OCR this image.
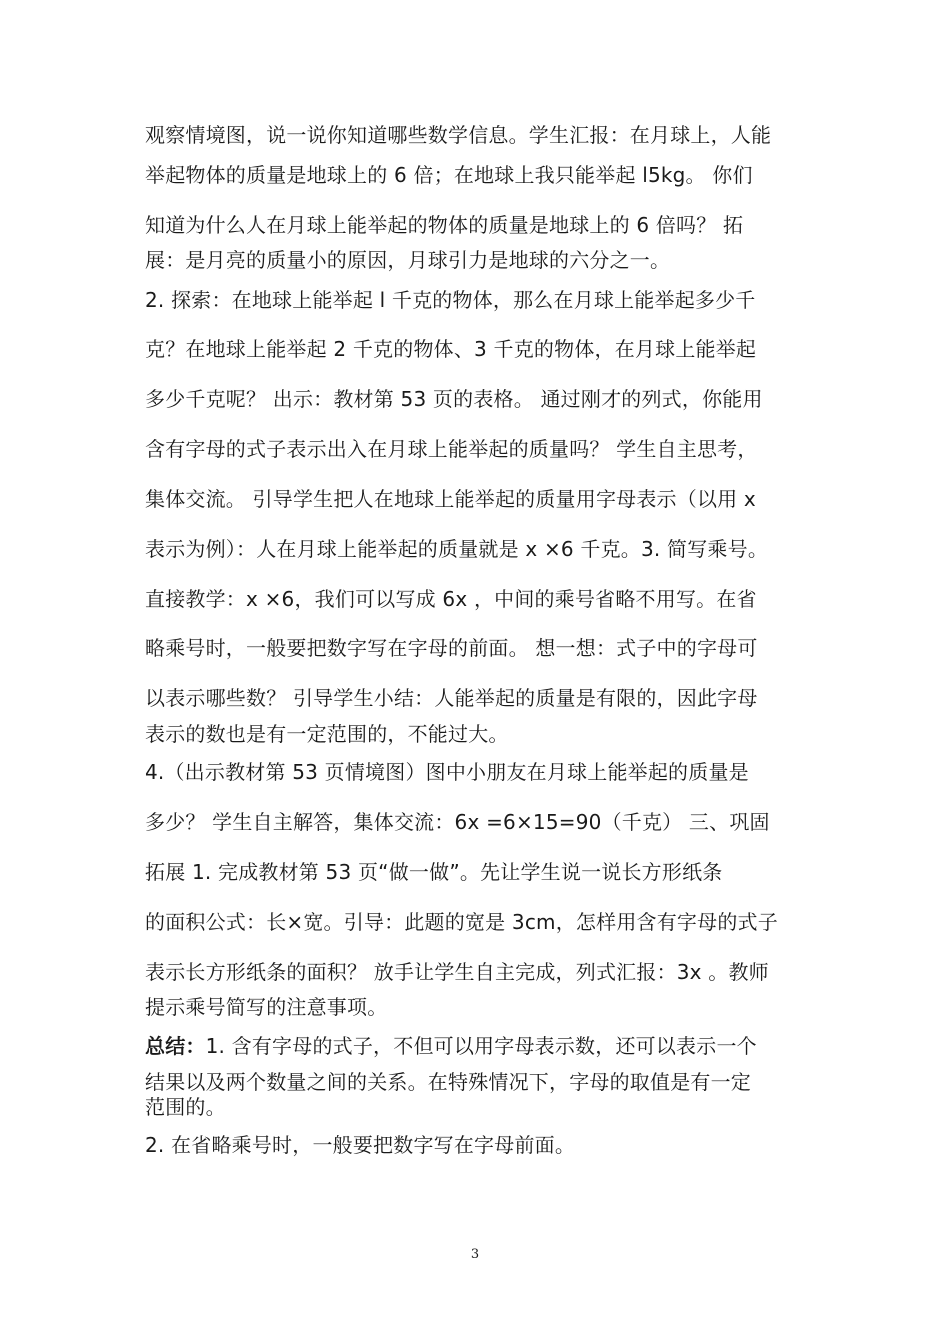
观察情境图，说一说你知道哪些数学信息。学生汇报：在月球上，人能
举起物体的质量是地球上的 6 倍；在地球上我只能举起 l5kg。 你们
知道为什么人在月球上能举起的物体的质量是地球上的 6 倍吗？ 拓
展：是月亮的质量小的原因，月球引力是地球的六分之一。
2. 探索：在地球上能举起 l 千克的物体，那么在月球上能举起多少千
克？在地球上能举起 2 千克的物体、3 千克的物体，在月球上能举起
多少千克呢？ 出示：教材第 53 页的表格。 通过刚才的列式，你能用
含有字母的式子表示出入在月球上能举起的质量吗？ 学生自主思考，
集体交流。 引导学生把人在地球上能举起的质量用字母表示（以用 x
表示为例）：人在月球上能举起的质量就是 x ×6 千克。3. 简写乘号。
直接教学：x ×6，我们可以写成 6x ，中间的乘号省略不用写。在省
略乘号时，一般要把数字写在字母的前面。 想一想：式子中的字母可
以表示哪些数？ 引导学生小结：人能举起的质量是有限的，因此字母
表示的数也是有一定范围的，不能过大。
4.（出示教材第 53 页情境图）图中小朋友在月球上能举起的质量是
多少？ 学生自主解答，集体交流：6x =6×15=90（千克） 三、巩固
拓展 1. 完成教材第 53 页“做一做”。先让学生说一说长方形纸条
的面积公式：长×宽。引导：此题的宽是 3cm，怎样用含有字母的式子
表示长方形纸条的面积？ 放手让学生自主完成，列式汇报：3x 。教师
提示乘号简写的注意事项。
总结：1. 含有字母的式子，不但可以用字母表示数，还可以表示一个
结果以及两个数量之间的关系。在特殊情况下，字母的取值是有一定
范围的。
2. 在省略乘号时，一般要把数字写在字母前面。
3
